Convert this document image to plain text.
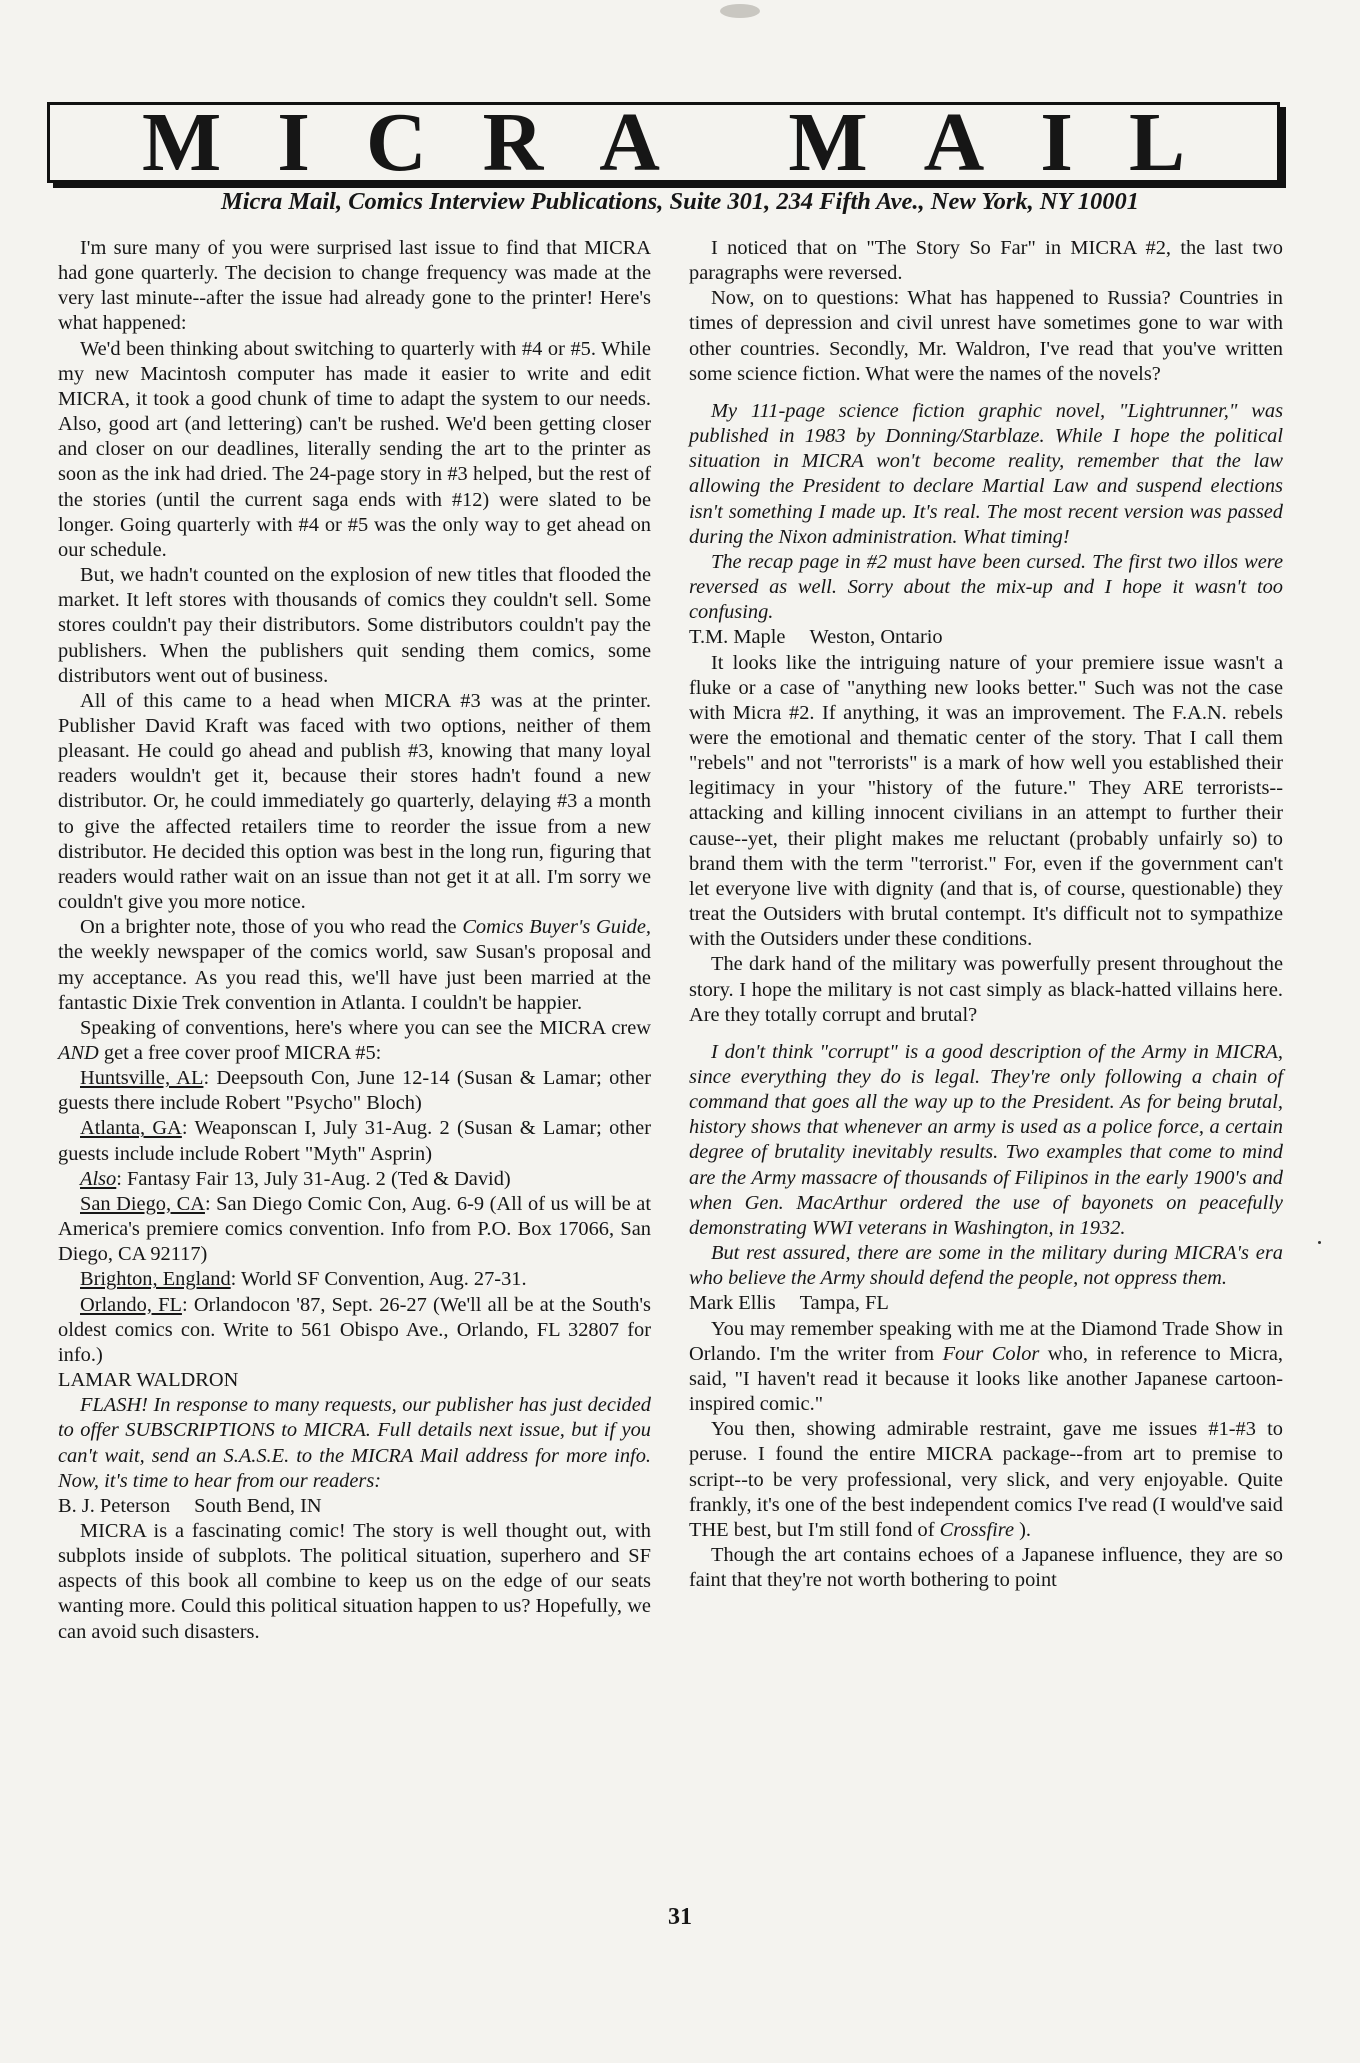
MICRA MAIL
Micra Mail, Comics Interview Publications, Suite 301, 234 Fifth Ave., New York, NY 10001

I'm sure many of you were surprised last issue to find that MICRA had gone quarterly. The decision to change frequency was made at the very last minute--after the issue had already gone to the printer! Here's what happened:

We'd been thinking about switching to quarterly with #4 or #5. While my new Macintosh computer has made it easier to write and edit MICRA, it took a good chunk of time to adapt the system to our needs. Also, good art (and lettering) can't be rushed. We'd been getting closer and closer on our deadlines, literally sending the art to the printer as soon as the ink had dried. The 24-page story in #3 helped, but the rest of the stories (until the current saga ends with #12) were slated to be longer. Going quarterly with #4 or #5 was the only way to get ahead on our schedule.

But, we hadn't counted on the explosion of new titles that flooded the market. It left stores with thousands of comics they couldn't sell. Some stores couldn't pay their distributors. Some distributors couldn't pay the publishers. When the publishers quit sending them comics, some distributors went out of business.

All of this came to a head when MICRA #3 was at the printer. Publisher David Kraft was faced with two options, neither of them pleasant. He could go ahead and publish #3, knowing that many loyal readers wouldn't get it, because their stores hadn't found a new distributor. Or, he could immediately go quarterly, delaying #3 a month to give the affected retailers time to reorder the issue from a new distributor. He decided this option was best in the long run, figuring that readers would rather wait on an issue than not get it at all. I'm sorry we couldn't give you more notice.

On a brighter note, those of you who read the Comics Buyer's Guide, the weekly newspaper of the comics world, saw Susan's proposal and my acceptance. As you read this, we'll have just been married at the fantastic Dixie Trek convention in Atlanta. I couldn't be happier.

Speaking of conventions, here's where you can see the MICRA crew AND get a free cover proof MICRA #5:

Huntsville, AL: Deepsouth Con, June 12-14 (Susan & Lamar; other guests there include Robert "Psycho" Bloch)

Atlanta, GA: Weaponscan I, July 31-Aug. 2 (Susan & Lamar; other guests include include Robert "Myth" Asprin)

Also: Fantasy Fair 13, July 31-Aug. 2 (Ted & David)

San Diego, CA: San Diego Comic Con, Aug. 6-9 (All of us will be at America's premiere comics convention. Info from P.O. Box 17066, San Diego, CA 92117)

Brighton, England: World SF Convention, Aug. 27-31.

Orlando, FL: Orlandocon '87, Sept. 26-27 (We'll all be at the South's oldest comics con. Write to 561 Obispo Ave., Orlando, FL 32807 for info.)

LAMAR WALDRON

FLASH! In response to many requests, our publisher has just decided to offer SUBSCRIPTIONS to MICRA. Full details next issue, but if you can't wait, send an S.A.S.E. to the MICRA Mail address for more info. Now, it's time to hear from our readers:

B. J. Peterson South Bend, IN

MICRA is a fascinating comic! The story is well thought out, with subplots inside of subplots. The political situation, superhero and SF aspects of this book all combine to keep us on the edge of our seats wanting more. Could this political situation happen to us? Hopefully, we can avoid such disasters.

I noticed that on "The Story So Far" in MICRA #2, the last two paragraphs were reversed.

Now, on to questions: What has happened to Russia? Countries in times of depression and civil unrest have sometimes gone to war with other countries. Secondly, Mr. Waldron, I've read that you've written some science fiction. What were the names of the novels?

My 111-page science fiction graphic novel, "Lightrunner," was published in 1983 by Donning/Starblaze. While I hope the political situation in MICRA won't become reality, remember that the law allowing the President to declare Martial Law and suspend elections isn't something I made up. It's real. The most recent version was passed during the Nixon administration. What timing!

The recap page in #2 must have been cursed. The first two illos were reversed as well. Sorry about the mix-up and I hope it wasn't too confusing.

T.M. Maple Weston, Ontario

It looks like the intriguing nature of your premiere issue wasn't a fluke or a case of "anything new looks better." Such was not the case with Micra #2. If anything, it was an improvement. The F.A.N. rebels were the emotional and thematic center of the story. That I call them "rebels" and not "terrorists" is a mark of how well you established their legitimacy in your "history of the future." They ARE terrorists--attacking and killing innocent civilians in an attempt to further their cause--yet, their plight makes me reluctant (probably unfairly so) to brand them with the term "terrorist." For, even if the government can't let everyone live with dignity (and that is, of course, questionable) they treat the Outsiders with brutal contempt. It's difficult not to sympathize with the Outsiders under these conditions.

The dark hand of the military was powerfully present throughout the story. I hope the military is not cast simply as black-hatted villains here. Are they totally corrupt and brutal?

I don't think "corrupt" is a good description of the Army in MICRA, since everything they do is legal. They're only following a chain of command that goes all the way up to the President. As for being brutal, history shows that whenever an army is used as a police force, a certain degree of brutality inevitably results. Two examples that come to mind are the Army massacre of thousands of Filipinos in the early 1900's and when Gen. MacArthur ordered the use of bayonets on peacefully demonstrating WWI veterans in Washington, in 1932.

But rest assured, there are some in the military during MICRA's era who believe the Army should defend the people, not oppress them.

Mark Ellis Tampa, FL

You may remember speaking with me at the Diamond Trade Show in Orlando. I'm the writer from Four Color who, in reference to Micra, said, "I haven't read it because it looks like another Japanese cartoon-inspired comic."

You then, showing admirable restraint, gave me issues #1-#3 to peruse. I found the entire MICRA package--from art to premise to script--to be very professional, very slick, and very enjoyable. Quite frankly, it's one of the best independent comics I've read (I would've said THE best, but I'm still fond of Crossfire ).

Though the art contains echoes of a Japanese influence, they are so faint that they're not worth bothering to point

31
